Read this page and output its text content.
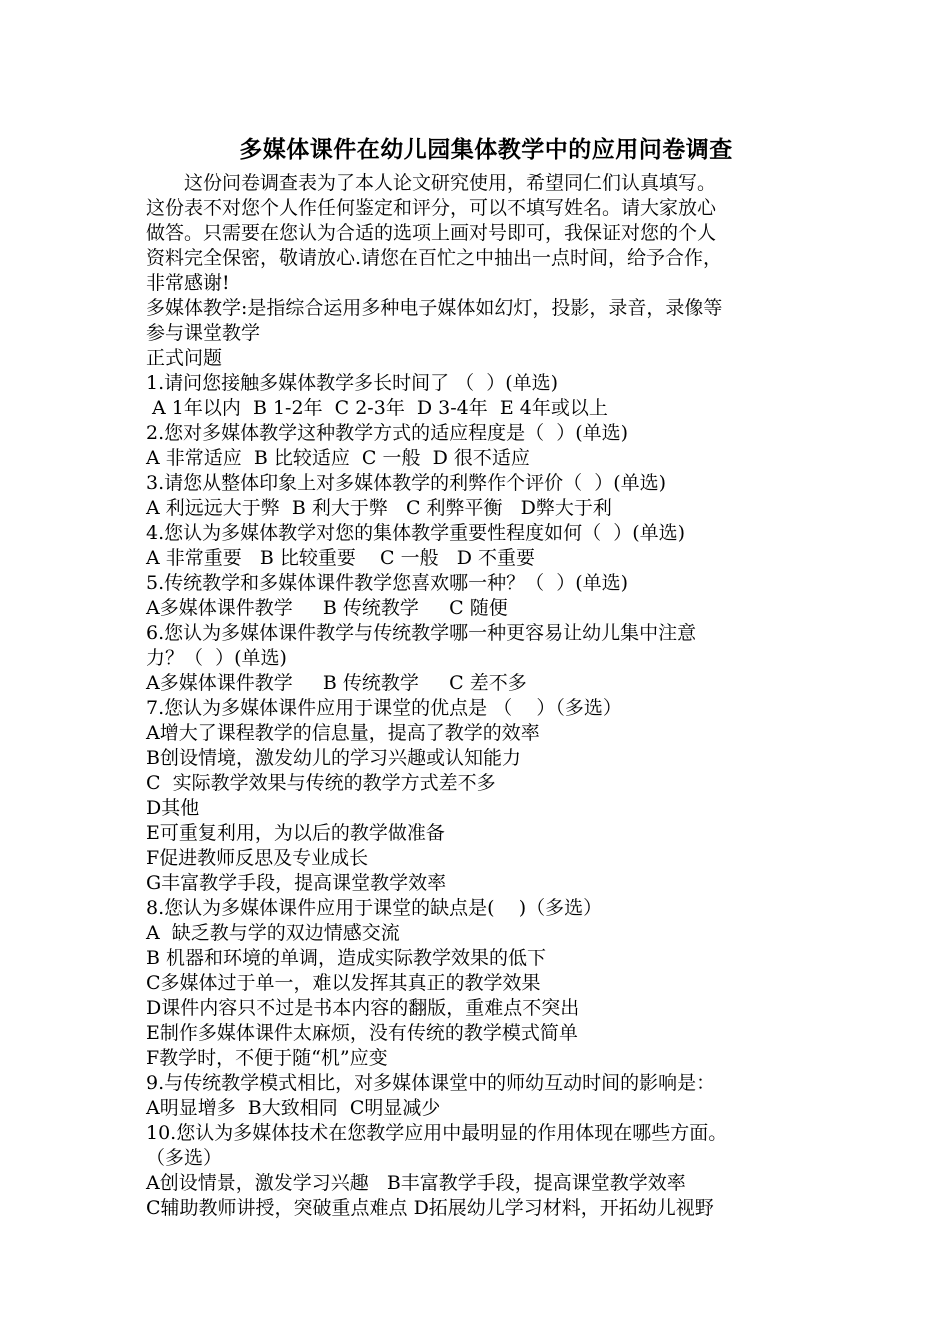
多媒体课件在幼儿园集体教学中的应用问卷调查

　　这份问卷调查表为了本人论文研究使用，希望同仁们认真填写。

这份表不对您个人作任何鉴定和评分，可以不填写姓名。请大家放心

做答。只需要在您认为合适的选项上画对号即可，我保证对您的个人

资料完全保密，敬请放心.请您在百忙之中抽出一点时间，给予合作，

非常感谢!

多媒体教学:是指综合运用多种电子媒体如幻灯，投影，录音，录像等

参与课堂教学

正式问题

1.请问您接触多媒体教学多长时间了 （  ）(单选)

A 1年以内  B 1-2年  C 2-3年  D 3-4年  E 4年或以上

2.您对多媒体教学这种教学方式的适应程度是（  ）(单选)

A 非常适应  B 比较适应  C 一般  D 很不适应

3.请您从整体印象上对多媒体教学的利弊作个评价（  ）(单选)

A 利远远大于弊  B 利大于弊   C 利弊平衡   D弊大于利

4.您认为多媒体教学对您的集体教学重要性程度如何（  ）(单选)

A 非常重要   B 比较重要    C 一般   D 不重要

5.传统教学和多媒体课件教学您喜欢哪一种？（  ）(单选)

A多媒体课件教学     B 传统教学     C 随便

6.您认为多媒体课件教学与传统教学哪一种更容易让幼儿集中注意

力？（  ）(单选)

A多媒体课件教学     B 传统教学     C 差不多

7.您认为多媒体课件应用于课堂的优点是 （    ）（多选）

A增大了课程教学的信息量，提高了教学的效率

B创设情境，激发幼儿的学习兴趣或认知能力

C  实际教学效果与传统的教学方式差不多

D其他

E可重复利用，为以后的教学做准备

F促进教师反思及专业成长

G丰富教学手段，提高课堂教学效率

8.您认为多媒体课件应用于课堂的缺点是(    )（多选）

A  缺乏教与学的双边情感交流

B 机器和环境的单调，造成实际教学效果的低下

C多媒体过于单一，难以发挥其真正的教学效果

D课件内容只不过是书本内容的翻版，重难点不突出

E制作多媒体课件太麻烦，没有传统的教学模式简单

F教学时，不便于随“机”应变

9.与传统教学模式相比，对多媒体课堂中的师幼互动时间的影响是：

A明显增多  B大致相同  C明显减少

10.您认为多媒体技术在您教学应用中最明显的作用体现在哪些方面。

（多选）

A创设情景，激发学习兴趣   B丰富教学手段，提高课堂教学效率

C辅助教师讲授，突破重点难点 D拓展幼儿学习材料，开拓幼儿视野
